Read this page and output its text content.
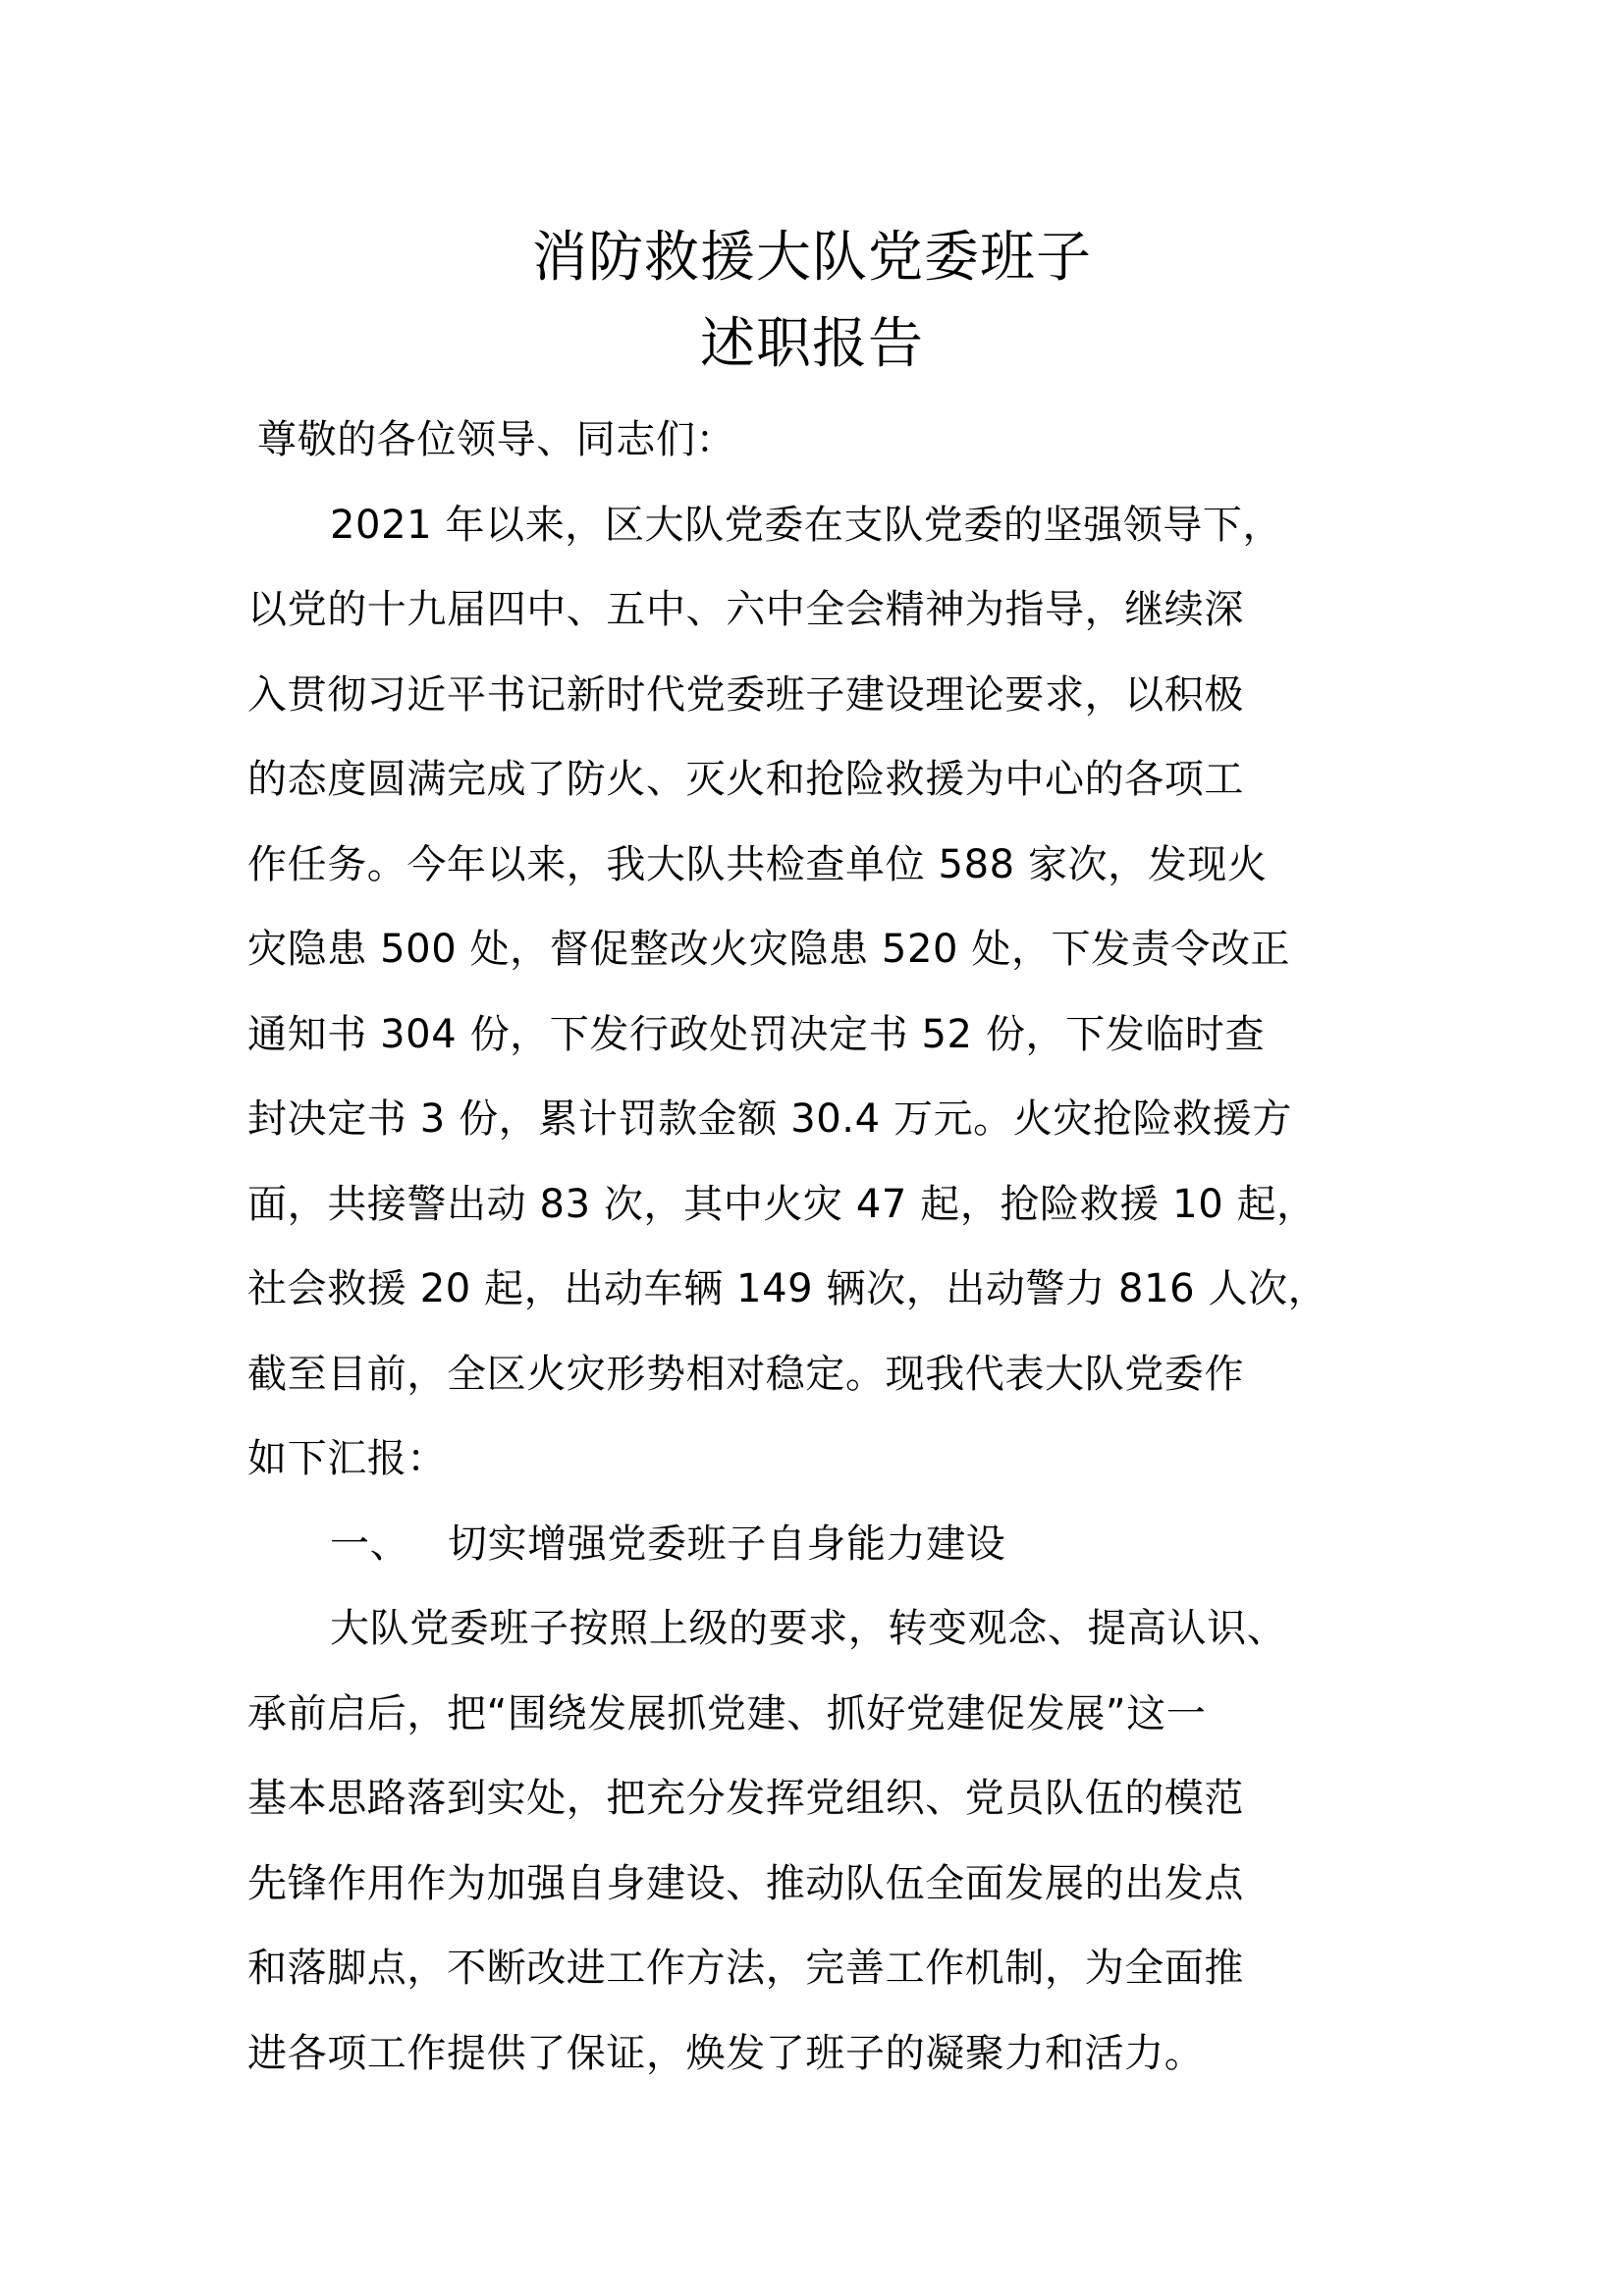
消防救援大队党委班子
述职报告
尊敬的各位领导、同志们：
2021 年以来，区大队党委在支队党委的坚强领导下，
以党的十九届四中、五中、六中全会精神为指导，继续深
入贯彻习近平书记新时代党委班子建设理论要求，以积极
的态度圆满完成了防火、灭火和抢险救援为中心的各项工
作任务。今年以来，我大队共检查单位 588 家次，发现火
灾隐患 500 处，督促整改火灾隐患 520 处，下发责令改正
通知书 304 份，下发行政处罚决定书 52 份，下发临时查
封决定书 3 份，累计罚款金额 30.4 万元。火灾抢险救援方
面，共接警出动 83 次，其中火灾 47 起，抢险救援 10 起，
社会救援 20 起，出动车辆 149 辆次，出动警力 816 人次，
截至目前，全区火灾形势相对稳定。现我代表大队党委作
如下汇报：
一、 切实增强党委班子自身能力建设
大队党委班子按照上级的要求，转变观念、提高认识、
承前启后，把“围绕发展抓党建、抓好党建促发展”这一
基本思路落到实处，把充分发挥党组织、党员队伍的模范
先锋作用作为加强自身建设、推动队伍全面发展的出发点
和落脚点，不断改进工作方法，完善工作机制，为全面推
进各项工作提供了保证，焕发了班子的凝聚力和活力。
